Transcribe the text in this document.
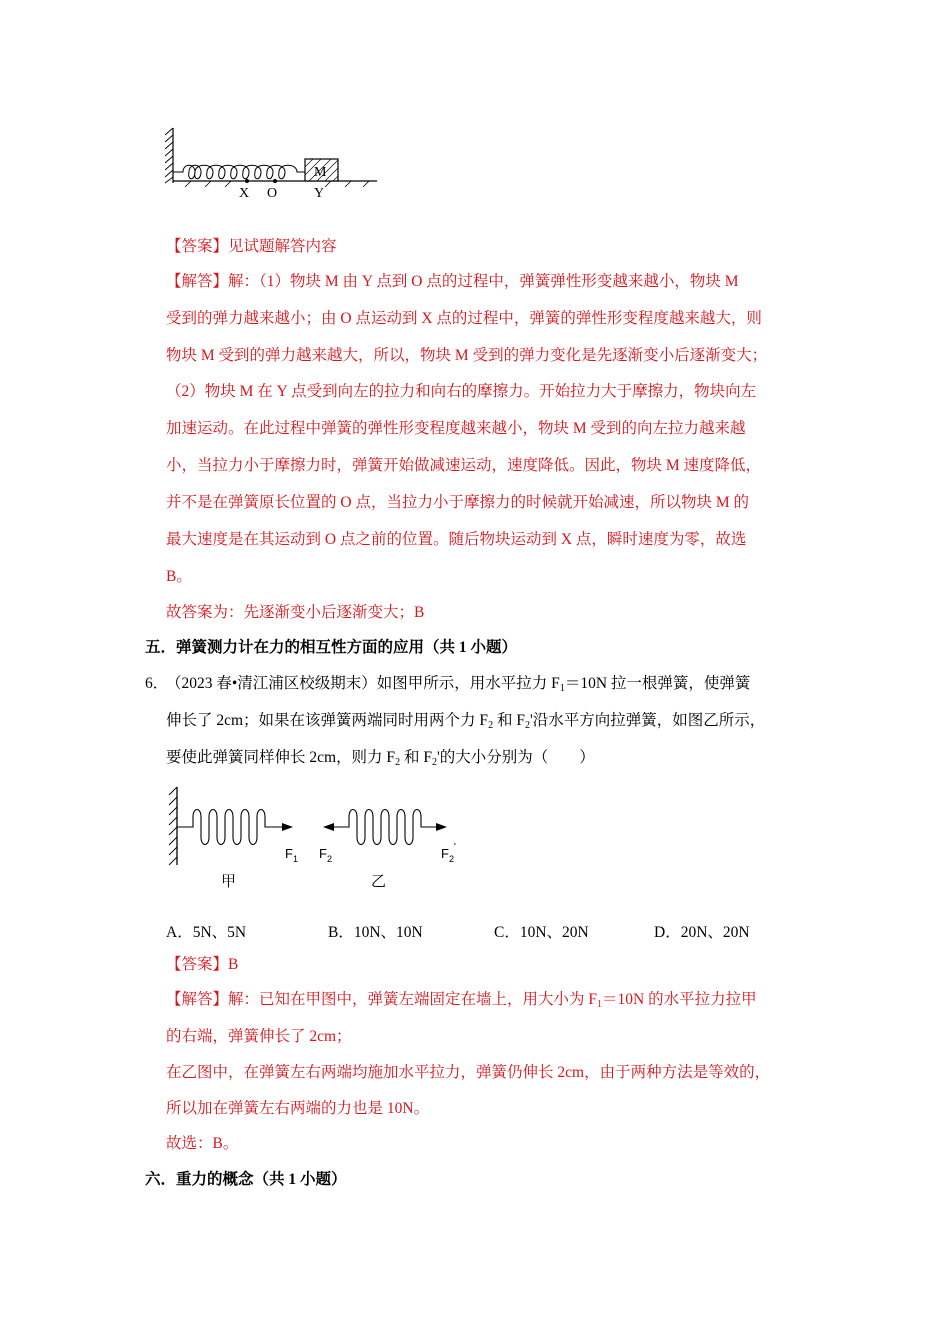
M
X O	Y
【答案】见试题解答内容
【解答】解：（1）物块 M 由 Y 点到 O 点的过程中，弹簧弹性形变越来越小，物块 M
受到的弹力越来越小；由 O 点运动到 X 点的过程中，弹簧的弹性形变程度越来越大，则
物块 M 受到的弹力越来越大，所以，物块 M 受到的弹力变化是先逐渐变小后逐渐变大；
（2）物块 M 在 Y 点受到向左的拉力和向右的摩擦力。开始拉力大于摩擦力，物块向左
加速运动。在此过程中弹簧的弹性形变程度越来越小，物块 M 受到的向左拉力越来越
小，当拉力小于摩擦力时，弹簧开始做减速运动，速度降低。因此，物块 M 速度降低，
并不是在弹簧原长位置的 O 点，当拉力小于摩擦力的时候就开始减速，所以物块 M 的
最大速度是在其运动到 O 点之前的位置。随后物块运动到 X 点，瞬时速度为零，故选
B。
故答案为：先逐渐变小后逐渐变大；B
五．弹簧测力计在力的相互性方面的应用（共 1 小题）
6．
（2023 春•清江浦区校级期末）如图甲所示，用水平拉力 $F_1=10N$ 拉一根弹簧，使弹簧
伸长了 2cm；如果在该弹簧两端同时用两个力 $F_2$ 和 $F_2'$沿水平方向拉弹簧，如图乙所示，
要使此弹簧同样伸长 2cm，则力 $F_2$ 和 $F_2'$的大小分别为（　　）
$F_1$ $F_2$	$F_2'$
甲	乙
A．5N、5N	B．10N、10N	C．10N、20N	D．20N、20N
【答案】B
【解答】解：已知在甲图中，弹簧左端固定在墙上，用大小为 $F_1=10N$ 的水平拉力拉甲
的右端，弹簧伸长了 2cm；
在乙图中，在弹簧左右两端均施加水平拉力，弹簧仍伸长 2cm，由于两种方法是等效的，
所以加在弹簧左右两端的力也是 10N。
故选：B。
六．重力的概念（共 1 小题）
